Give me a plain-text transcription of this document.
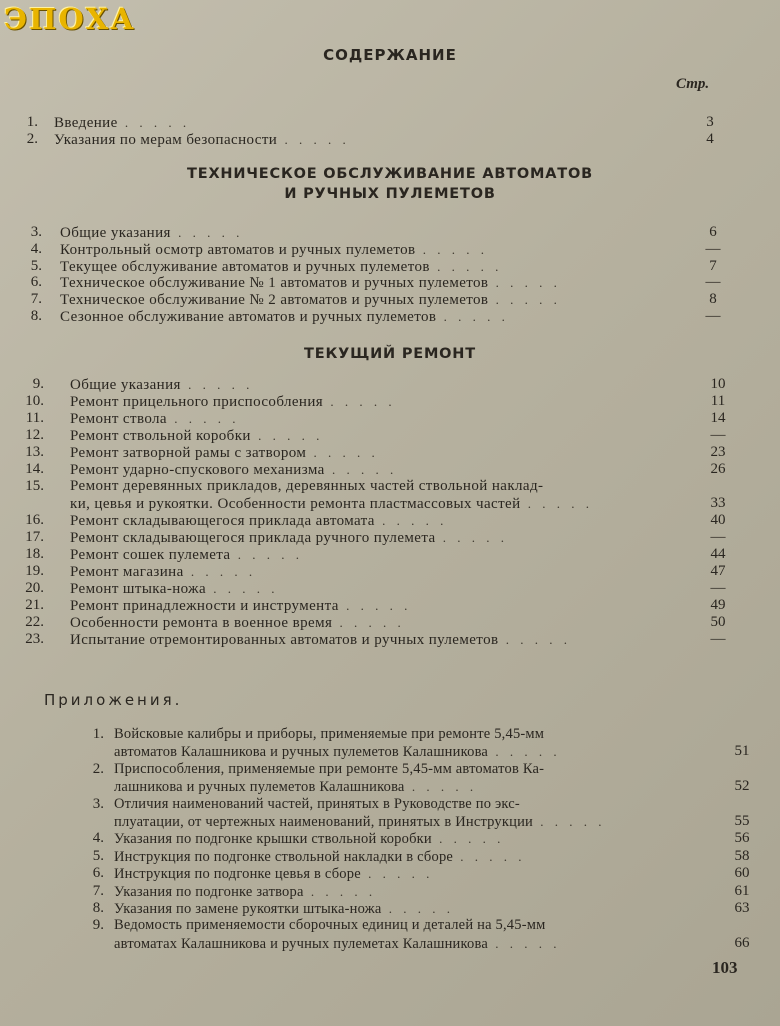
ЭПОХА
СОДЕРЖАНИЕ
Стр.
1. Введение . . . . .	3
2. Указания по мерам безопасности . . . . .	4
ТЕХНИЧЕСКОЕ ОБСЛУЖИВАНИЕ АВТОМАТОВ
И РУЧНЫХ ПУЛЕМЕТОВ
3. Общие указания . . . . .	6
4. Контрольный осмотр автоматов и ручных пулеметов . . . . .	—
5. Текущее обслуживание автоматов и ручных пулеметов . . . . .	7
6. Техническое обслуживание № 1 автоматов и ручных пулеметов . . . . .	—
7. Техническое обслуживание № 2 автоматов и ручных пулеметов . . . . .	8
8. Сезонное обслуживание автоматов и ручных пулеметов . . . . .	—
ТЕКУЩИЙ РЕМОНТ
9. Общие указания . . . . .	10
10. Ремонт прицельного приспособления . . . . .	11
11. Ремонт ствола . . . . .	14
12. Ремонт ствольной коробки . . . . .	—
13. Ремонт затворной рамы с затвором . . . . .	23
14. Ремонт ударно-спускового механизма . . . . .	26
15. Ремонт деревянных прикладов, деревянных частей ствольной наклад-
ки, цевья и рукоятки. Особенности ремонта пластмассовых частей . . . . .	33
16. Ремонт складывающегося приклада автомата . . . . .	40
17. Ремонт складывающегося приклада ручного пулемета . . . . .	—
18. Ремонт сошек пулемета . . . . .	44
19. Ремонт магазина . . . . .	47
20. Ремонт штыка-ножа . . . . .	—
21. Ремонт принадлежности и инструмента . . . . .	49
22. Особенности ремонта в военное время . . . . .	50
23. Испытание отремонтированных автоматов и ручных пулеметов . . . . .	—
Приложения.
1. Войсковые калибры и приборы, применяемые при ремонте 5,45-мм
автоматов Калашникова и ручных пулеметов Калашникова . . . . .	51
2. Приспособления, применяемые при ремонте 5,45-мм автоматов Ка-
лашникова и ручных пулеметов Калашникова . . . . .	52
3. Отличия наименований частей, принятых в Руководстве по экс-
плуатации, от чертежных наименований, принятых в Инструкции . . . . .	55
4. Указания по подгонке крышки ствольной коробки . . . . .	56
5. Инструкция по подгонке ствольной накладки в сборе . . . . .	58
6. Инструкция по подгонке цевья в сборе . . . . .	60
7. Указания по подгонке затвора . . . . .	61
8. Указания по замене рукоятки штыка-ножа . . . . .	63
9. Ведомость применяемости сборочных единиц и деталей на 5,45-мм
автоматах Калашникова и ручных пулеметах Калашникова . . . . .	66
103
